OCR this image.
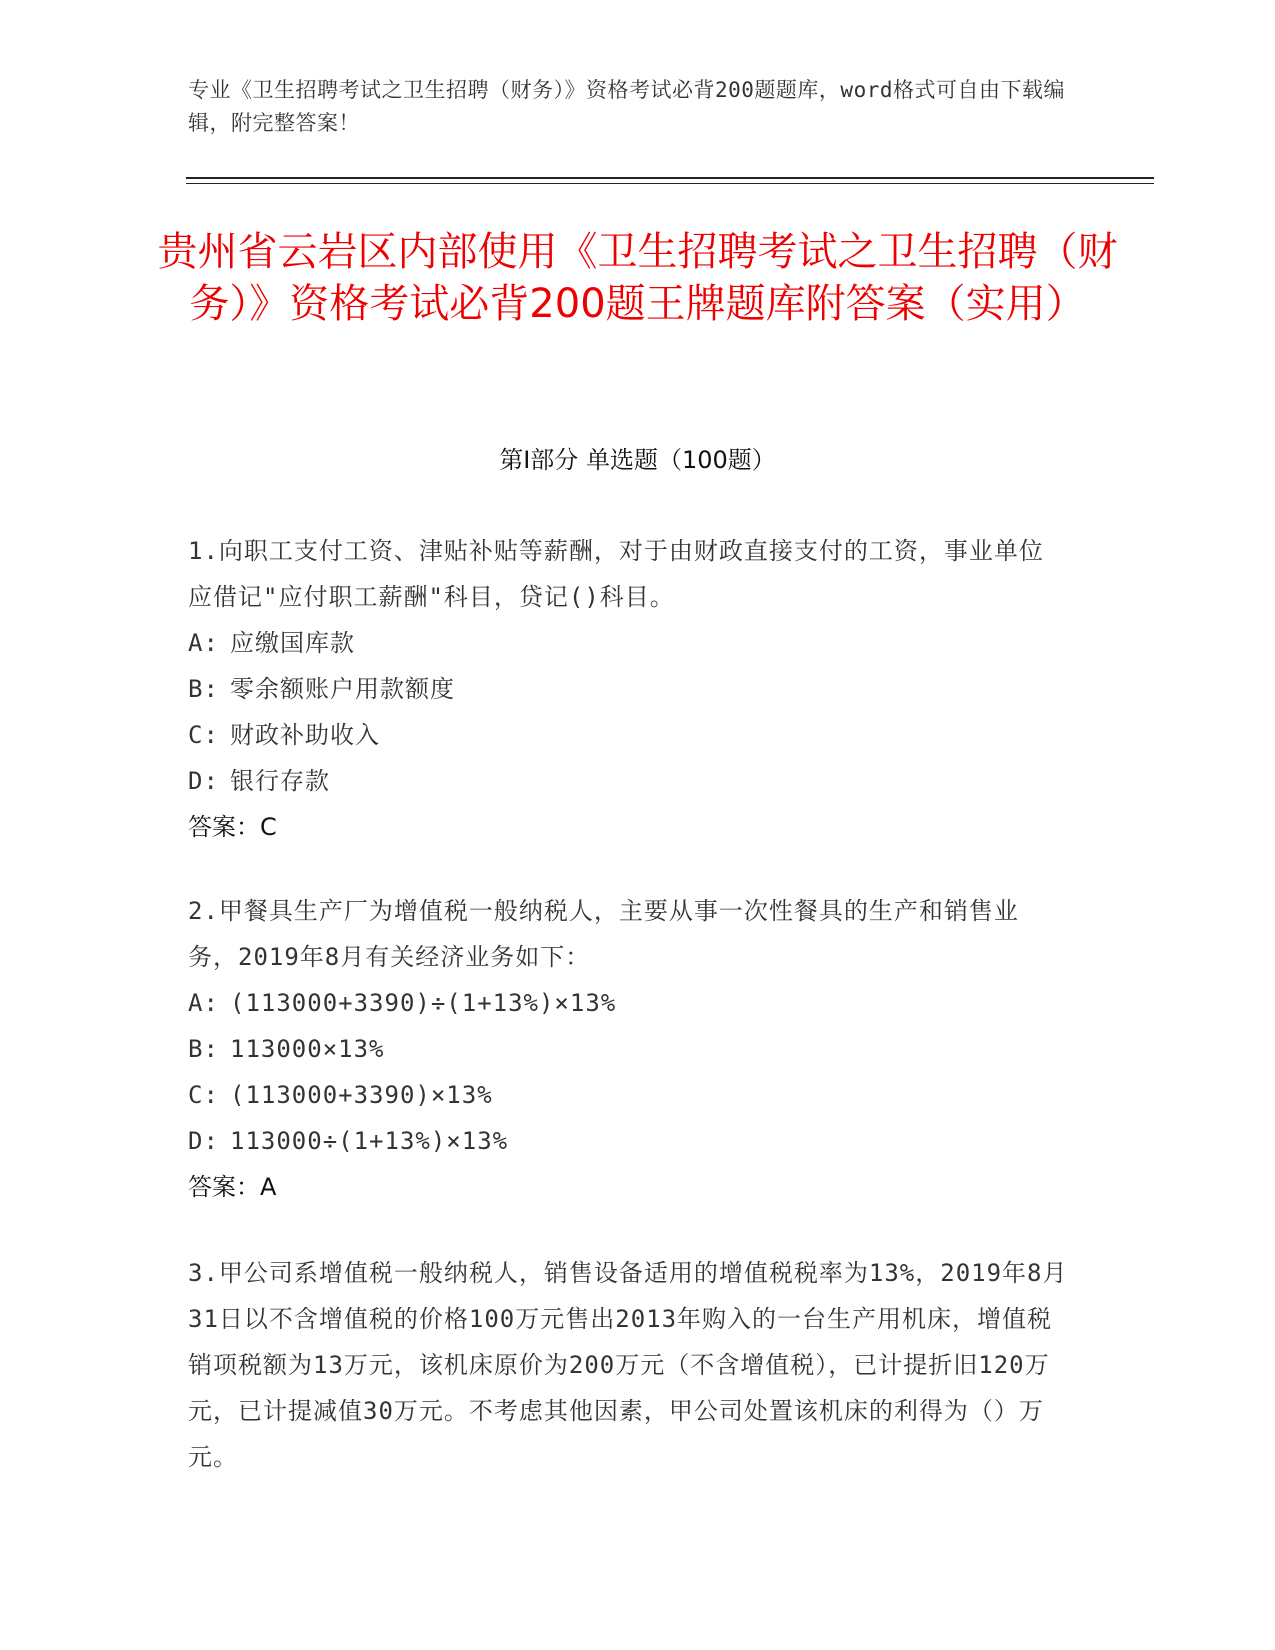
专业《卫生招聘考试之卫生招聘（财务）》资格考试必背200题题库，word格式可自由下载编辑，附完整答案！
贵州省云岩区内部使用《卫生招聘考试之卫生招聘（财务）》资格考试必背200题王牌题库附答案（实用）
第I部分 单选题（100题）

1.向职工支付工资、津贴补贴等薪酬，对于由财政直接支付的工资，事业单位应借记"应付职工薪酬"科目，贷记()科目。

A: 应缴国库款
B: 零余额账户用款额度
C: 财政补助收入
D: 银行存款

答案：C

2.甲餐具生产厂为增值税一般纳税人，主要从事一次性餐具的生产和销售业务，2019年8月有关经济业务如下：

A: (113000+3390)÷(1+13%)×13%
B: 113000×13%
C: (113000+3390)×13%
D: 113000÷(1+13%)×13%

答案：A

3.甲公司系增值税一般纳税人，销售设备适用的增值税税率为13%，2019年8月31日以不含增值税的价格100万元售出2013年购入的一台生产用机床，增值税销项税额为13万元，该机床原价为200万元（不含增值税），已计提折旧120万元，已计提减值30万元。不考虑其他因素，甲公司处置该机床的利得为（）万元。
